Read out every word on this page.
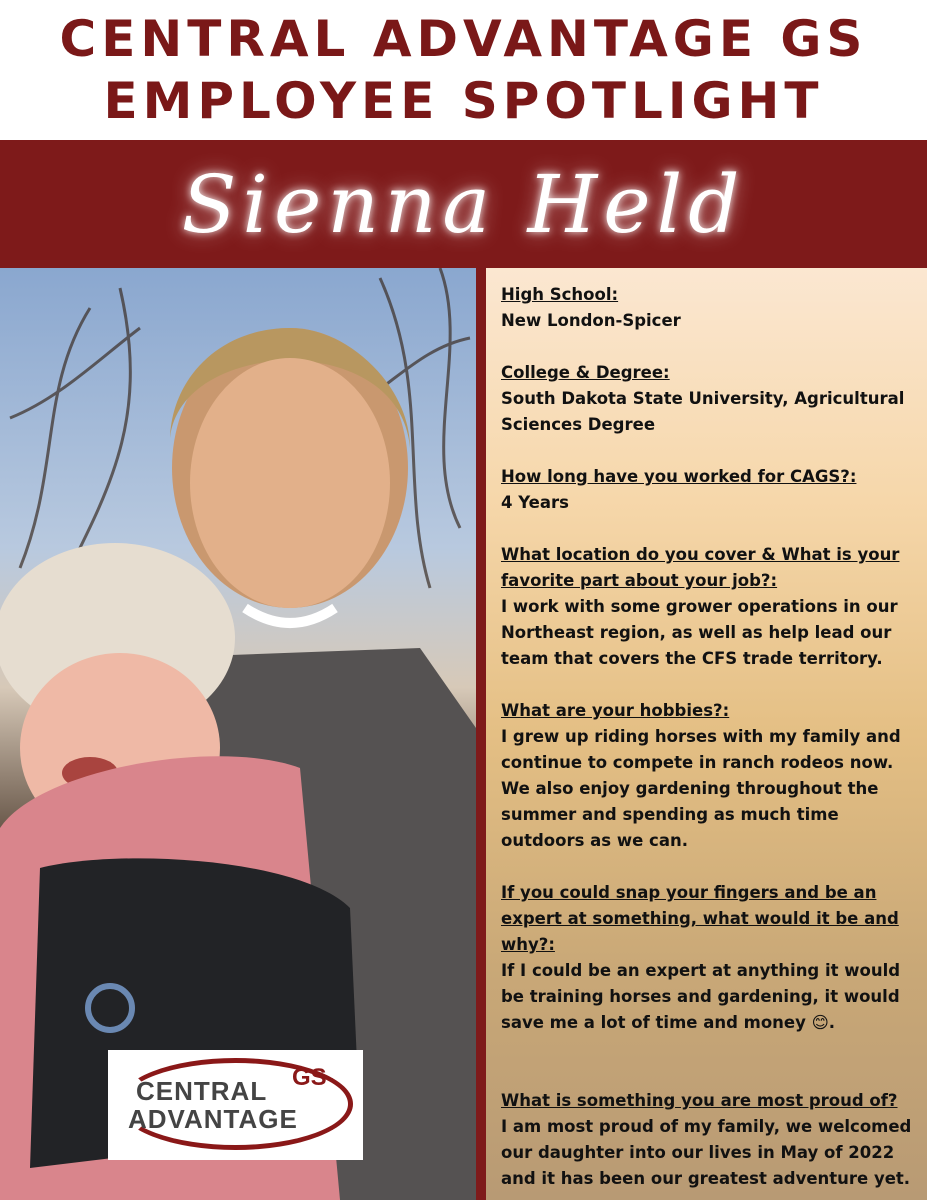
CENTRAL ADVANTAGE GS
EMPLOYEE SPOTLIGHT
Sienna Held

High School:

New London-Spicer

College & Degree:

South Dakota State University, Agricultural Sciences Degree

How long have you worked for CAGS?:

4 Years

What location do you cover & What is your favorite part about your job?:

I work with some grower operations in our Northeast region, as well as help lead our team that covers the CFS trade territory.

What are your hobbies?:

I grew up riding horses with my family and continue to compete in ranch rodeos now. We also enjoy gardening throughout the summer and spending as much time outdoors as we can.

If you could snap your fingers and be an expert at something, what would it be and why?:

If I could be an expert at anything it would be training horses and gardening, it would save me a lot of time and money 😊.

What is something you are most proud of?

I am most proud of my family, we welcomed our daughter into our lives in May of 2022 and it has been our greatest adventure yet.

CENTRAL GS
ADVANTAGE
